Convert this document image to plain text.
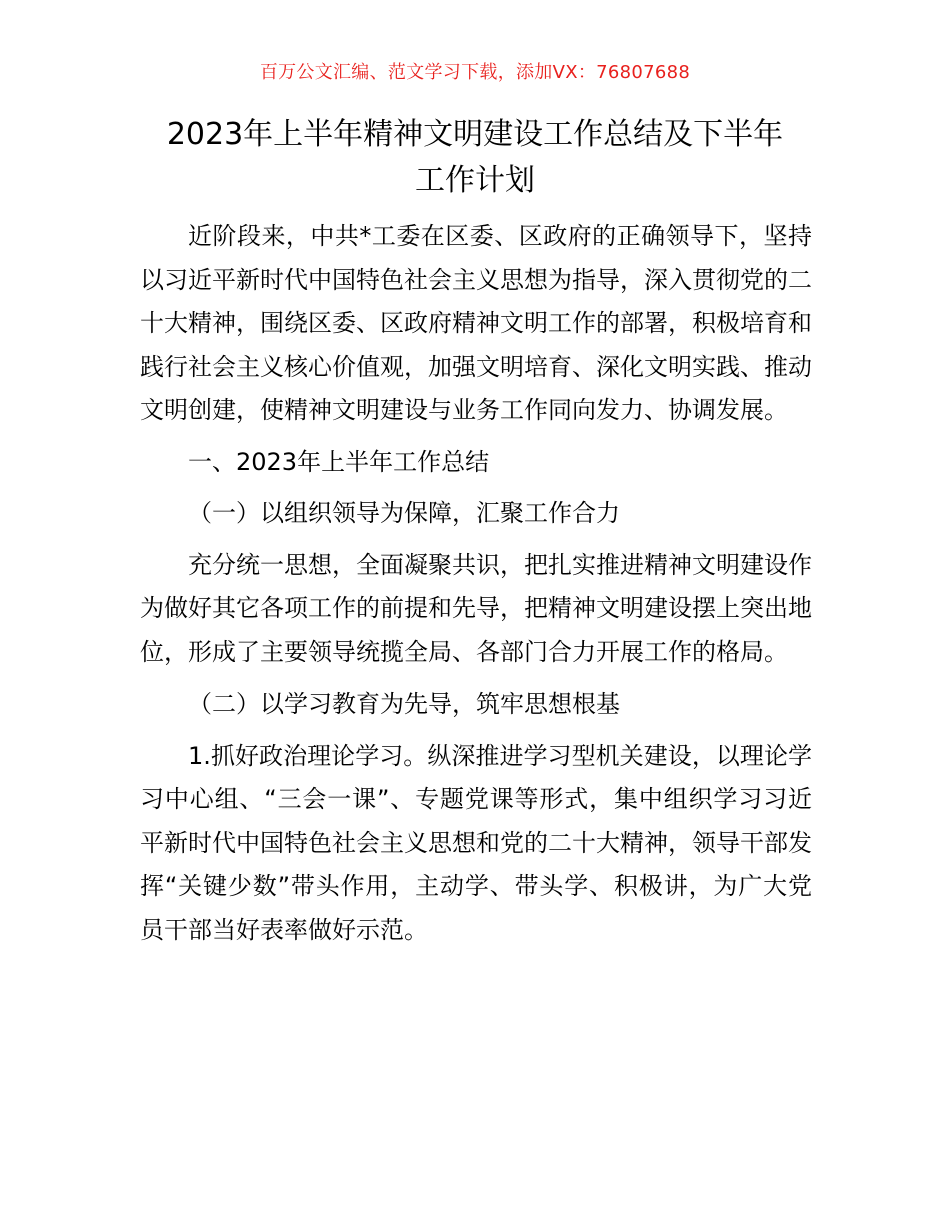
百万公文汇编、范文学习下载，添加VX：76807688
2023年上半年精神文明建设工作总结及下半年
工作计划

近阶段来，中共*工委在区委、区政府的正确领导下，坚持以习近平新时代中国特色社会主义思想为指导，深入贯彻党的二十大精神，围绕区委、区政府精神文明工作的部署，积极培育和践行社会主义核心价值观，加强文明培育、深化文明实践、推动文明创建，使精神文明建设与业务工作同向发力、协调发展。

一、2023年上半年工作总结

（一）以组织领导为保障，汇聚工作合力

充分统一思想，全面凝聚共识，把扎实推进精神文明建设作为做好其它各项工作的前提和先导，把精神文明建设摆上突出地位，形成了主要领导统揽全局、各部门合力开展工作的格局。

（二）以学习教育为先导，筑牢思想根基

1.抓好政治理论学习。纵深推进学习型机关建设，以理论学习中心组、“三会一课”、专题党课等形式，集中组织学习习近平新时代中国特色社会主义思想和党的二十大精神，领导干部发挥“关键少数”带头作用，主动学、带头学、积极讲，为广大党员干部当好表率做好示范。
